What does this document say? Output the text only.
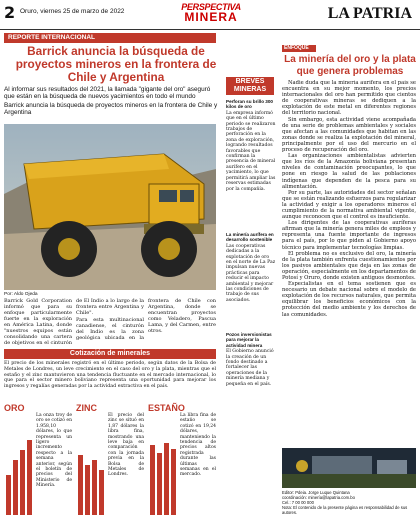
2 Oruro, viernes 25 de marzo de 2022	PERSPECTIVA
MINERA	LA PATRIA
REPORTE INTERNACIONAL
Barrick anuncia la búsqueda de proyectos mineros en la frontera de Chile y Argentina

Al informar sus resultados del 2021, la llamada "gigante del oro" aseguró que están en la búsqueda de nuevos yacimientos en todo el mundo

Barrick anuncia la búsqueda de proyectos mineros en la frontera de Chile y Argentina

Por: Aldo Ojeda

Barrick Gold Corporation informó que para su enfoque particularmente fuerte en la exploración en América Latina, donde "nuestros equipos están consolidando una cartera de objetivos en el cinturón de El Indio a lo largo de la frontera entre Argentina y Chile".

Para esta multinacional canadiense, el cinturón del Indio es la zona geológica ubicada en la frontera de Chile con Argentina, donde se encuentran proyectos como Veladero, Pascua Lama, y del Carmen, entre otros.

Cotización de minerales

El precio de los minerales registró en el último periodo, según datos de la Bolsa de Metales de Londres, un leve crecimiento en el caso del oro y la plata, mientras que el estaño y el zinc mantuvieron una tendencia fluctuante en el mercado internacional, lo que para el sector minero boliviano representa una oportunidad para mejorar los ingresos y regalías generadas por la actividad extractiva en el país.

ORO

La onza troy de oro se cotizó en 1.958,10 dólares, lo que representa un ligero incremento respecto a la semana anterior, según el boletín de precios del Ministerio de Minería.

ZINC

El precio del zinc se situó en 1,87 dólares la libra fina, mostrando una leve baja en comparación con la jornada previa en la Bolsa de Metales de Londres.

ESTAÑO

La libra fina de estaño se cotizó en 19,24 dólares, manteniendo la tendencia de precios altos registrada durante las últimas semanas en el mercado.

BREVES MINERAS
Perforan su brillo 300 kilos de oro
La empresa informó que en el último periodo se realizaron trabajos de perforación en la zona de exploración, logrando resultados favorables que confirman la presencia de mineral aurífero en el yacimiento, lo que permitirá ampliar las reservas estimadas por la compañía.
La minería aurífera en desarrollo sostenible
Las cooperativas dedicadas a la explotación de oro en el norte de La Paz impulsan nuevas prácticas para reducir el impacto ambiental y mejorar las condiciones de trabajo de sus asociados.
Pozos inversionistas para mejorar la actividad minera
El Gobierno anunció la creación de un fondo destinado a fortalecer las operaciones de la minería mediana y pequeña en el país.
ENFOQUE
La minería del oro y la plata que genera problemas

Nadie duda que la minería aurífera en el país se encuentra en su mejor momento, los precios internacionales del oro han permitido que cientos de cooperativas mineras se dediquen a la explotación de este metal en diferentes regiones del territorio nacional.

Sin embargo, esta actividad viene acompañada de una serie de problemas ambientales y sociales que afectan a las comunidades que habitan en las zonas donde se realiza la explotación del mineral, principalmente por el uso del mercurio en el proceso de recuperación del oro.

Las organizaciones ambientalistas advierten que los ríos de la Amazonia boliviana presentan niveles de contaminación preocupantes, lo que pone en riesgo la salud de las poblaciones indígenas que dependen de la pesca para su alimentación.

Por su parte, las autoridades del sector señalan que se están realizando esfuerzos para regularizar la actividad y exigir a los operadores mineros el cumplimiento de la normativa ambiental vigente, aunque reconocen que el control es insuficiente.

Los dirigentes de las cooperativas auríferas afirman que la minería genera miles de empleos y representa una fuente importante de ingresos para el país, por lo que piden al Gobierno apoyo técnico para implementar tecnologías limpias.

El problema no es exclusivo del oro, la minería de la plata también enfrenta cuestionamientos por los pasivos ambientales que deja en las zonas de operación, especialmente en los departamentos de Potosí y Oruro, donde existen antiguos desmontes.

Especialistas en el tema sostienen que es necesario un debate nacional sobre el modelo de explotación de los recursos naturales, que permita equilibrar los beneficios económicos con la protección del medio ambiente y los derechos de las comunidades.

Editor: Pdeia. Jorge Luque Quintana
coordinación: minería@lapatria.com.bo
Cel.: 7 00 00 000
Nota: El contenido de la presente página es responsabilidad de sus autores.
